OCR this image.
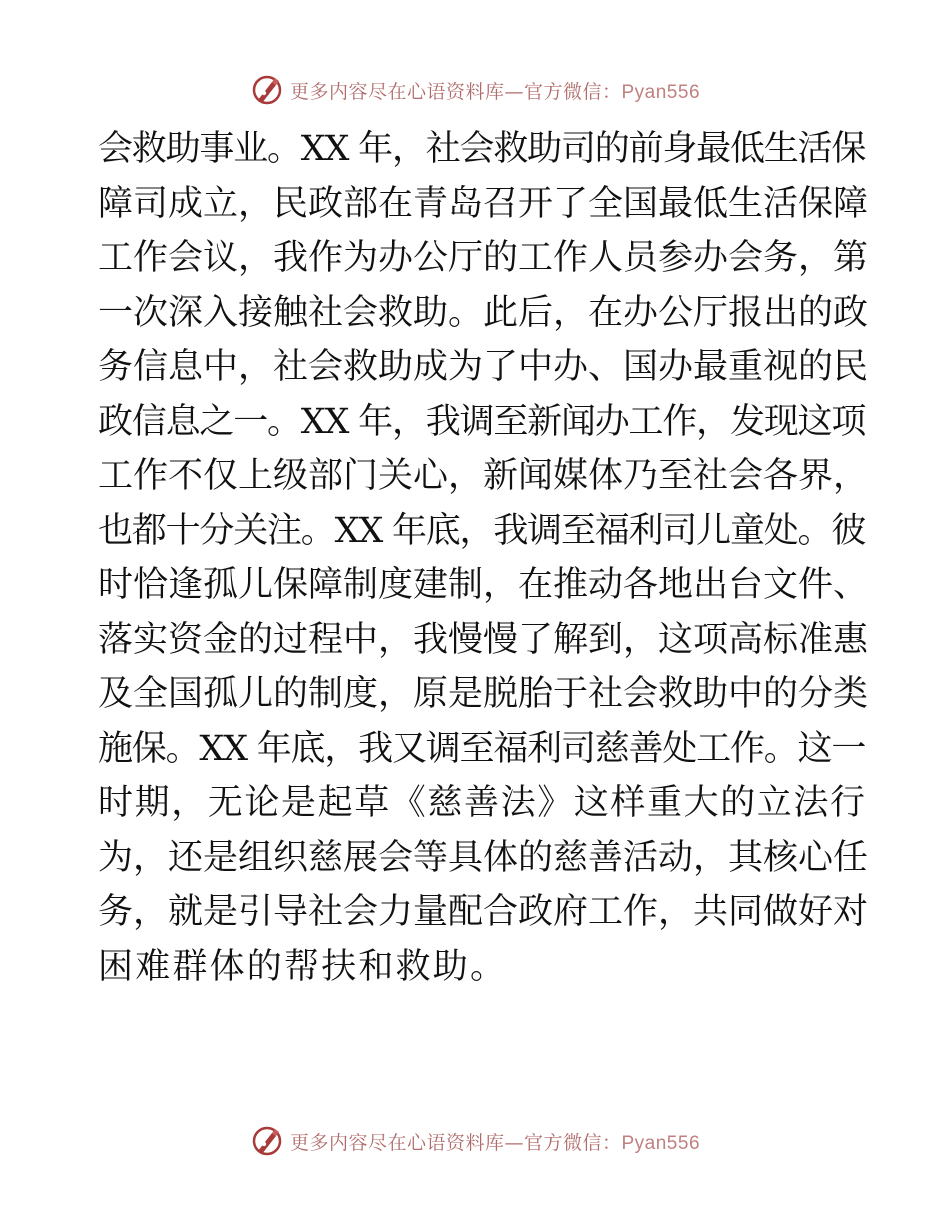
更多内容尽在心语资料库—官方微信：Pyan556
会救助事业。XX 年，社会救助司的前身最低生活保
障司成立，民政部在青岛召开了全国最低生活保障
工作会议，我作为办公厅的工作人员参办会务，第
一次深入接触社会救助。此后，在办公厅报出的政
务信息中，社会救助成为了中办、国办最重视的民
政信息之一。XX 年，我调至新闻办工作，发现这项
工作不仅上级部门关心，新闻媒体乃至社会各界，
也都十分关注。XX 年底，我调至福利司儿童处。彼
时恰逢孤儿保障制度建制，在推动各地出台文件、
落实资金的过程中，我慢慢了解到，这项高标准惠
及全国孤儿的制度，原是脱胎于社会救助中的分类
施保。XX 年底，我又调至福利司慈善处工作。这一
时期，无论是起草《慈善法》这样重大的立法行
为，还是组织慈展会等具体的慈善活动，其核心任
务，就是引导社会力量配合政府工作，共同做好对
困难群体的帮扶和救助。
更多内容尽在心语资料库—官方微信：Pyan556
